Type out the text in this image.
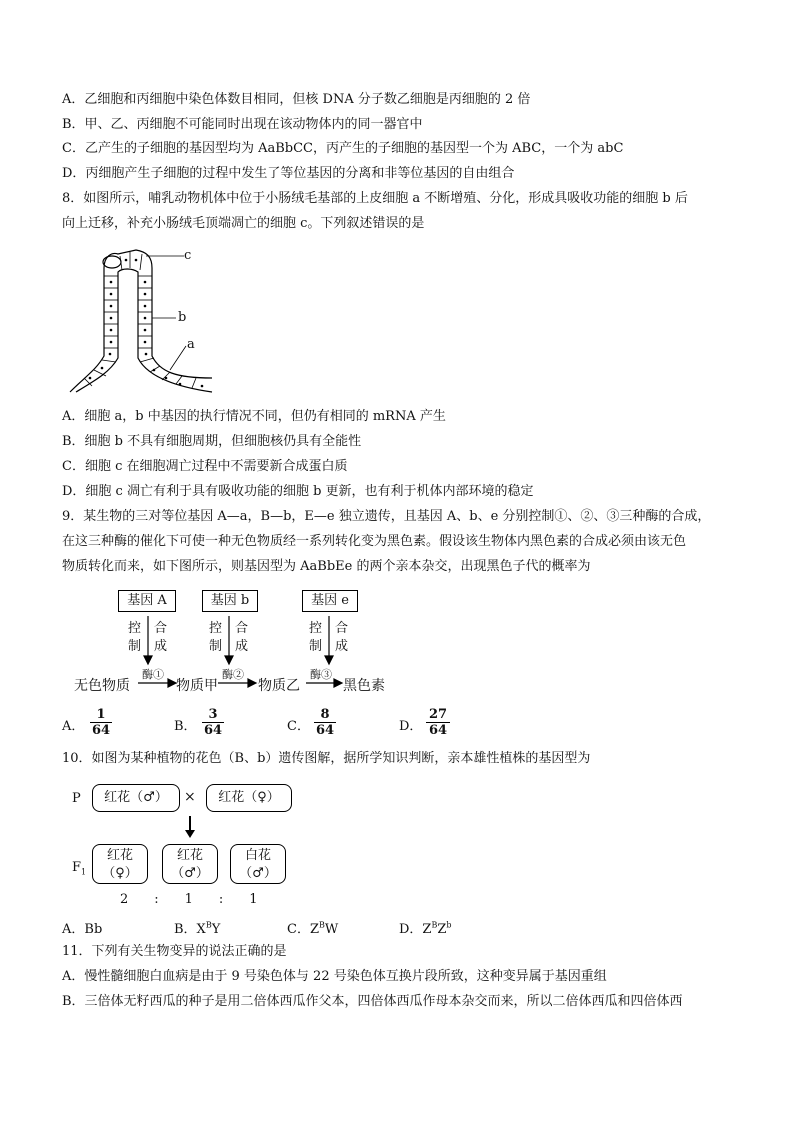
A．乙细胞和丙细胞中染色体数目相同，但核 DNA 分子数乙细胞是丙细胞的 2 倍
B．甲、乙、丙细胞不可能同时出现在该动物体内的同一器官中
C．乙产生的子细胞的基因型均为 AaBbCC，丙产生的子细胞的基因型一个为 ABC，一个为 abC
D．丙细胞产生子细胞的过程中发生了等位基因的分离和非等位基因的自由组合
8．如图所示，哺乳动物机体中位于小肠绒毛基部的上皮细胞 a 不断增殖、分化，形成具吸收功能的细胞 b 后
向上迁移，补充小肠绒毛顶端凋亡的细胞 c。下列叙述错误的是
c
b
a
A．细胞 a，b 中基因的执行情况不同，但仍有相同的 mRNA 产生
B．细胞 b 不具有细胞周期，但细胞核仍具有全能性
C．细胞 c 在细胞凋亡过程中不需要新合成蛋白质
D．细胞 c 凋亡有利于具有吸收功能的细胞 b 更新，也有利于机体内部环境的稳定
9．某生物的三对等位基因 A—a，B—b，E—e 独立遗传，且基因 A、b、e 分别控制①、②、③三种酶的合成，
在这三种酶的催化下可使一种无色物质经一系列转化变为黑色素。假设该生物体内黑色素的合成必须由该无色
物质转化而来，如下图所示，则基因型为 AaBbEe 的两个亲本杂交，出现黑色子代的概率为
基因 A	基因 b	基因 e
控
制
合
成
控
制
合
成
控
制
合
成
酶①	酶②	酶③
无色物质	物质甲	物质乙	黑色素
A． $\frac{1}{64}$	B． $\frac{3}{64}$	C． $\frac{8}{64}$	D． $\frac{27}{64}$
10．如图为某种植物的花色（B、b）遗传图解，据所学知识判断，亲本雄性植株的基因型为
P	红花（♂）	×	红花（♀）
$F_1$
红花
（♀）
红花
（♂）
白花
（♂）
2　　:　　1　　:　　1
A．Bb	B．$X^BY$	C．$Z^BW$	D．$Z^BZ^b$
11．下列有关生物变异的说法正确的是
A．慢性髓细胞白血病是由于 9 号染色体与 22 号染色体互换片段所致，这种变异属于基因重组
B．三倍体无籽西瓜的种子是用二倍体西瓜作父本，四倍体西瓜作母本杂交而来，所以二倍体西瓜和四倍体西
